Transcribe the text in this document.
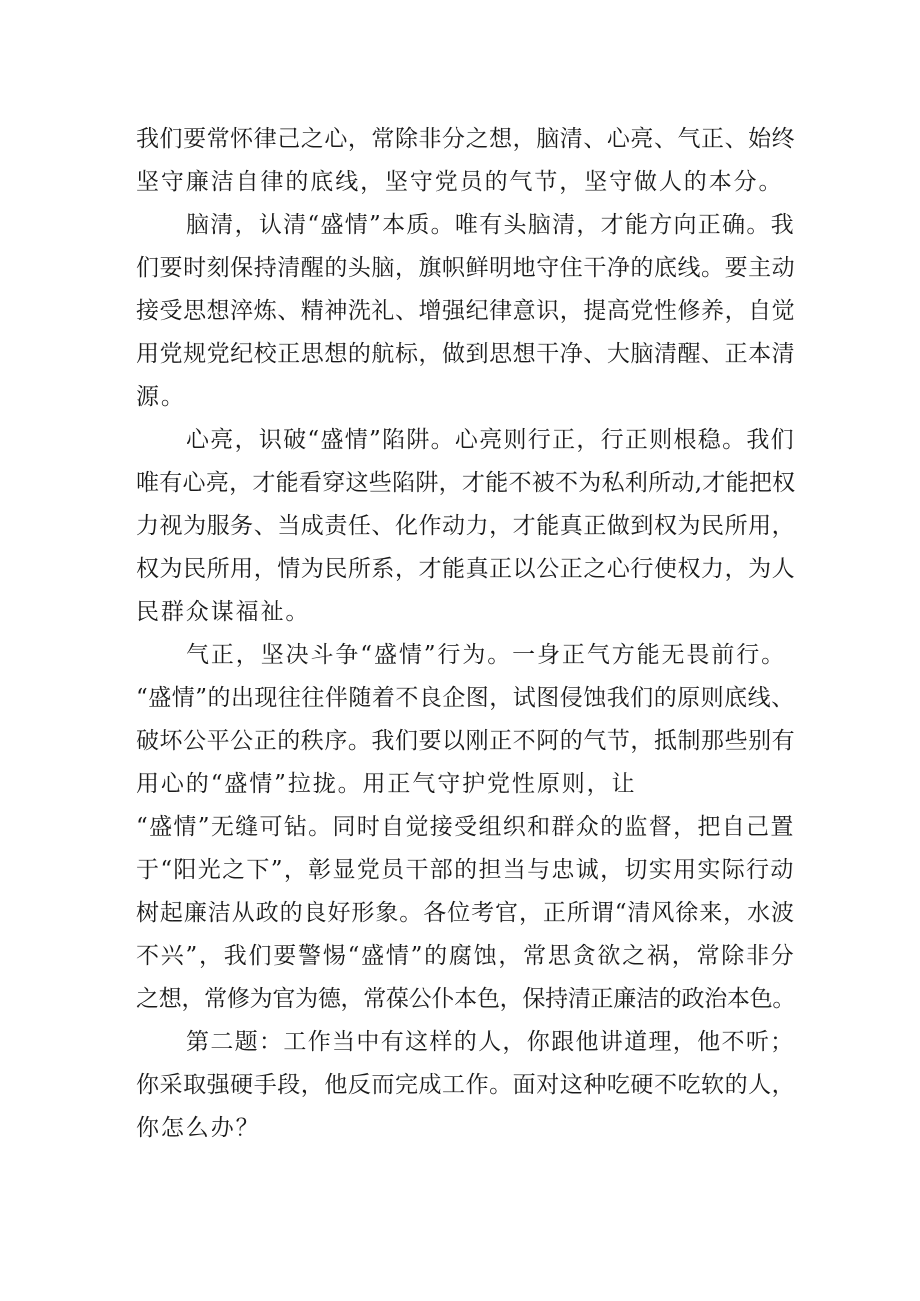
我们要常怀律己之心，常除非分之想，脑清、心亮、气正、始终
坚守廉洁自律的底线，坚守党员的气节，坚守做人的本分。
脑清，认清“盛情”本质。唯有头脑清，才能方向正确。我
们要时刻保持清醒的头脑，旗帜鲜明地守住干净的底线。要主动
接受思想淬炼、精神洗礼、增强纪律意识，提高党性修养，自觉
用党规党纪校正思想的航标，做到思想干净、大脑清醒、正本清
源。
心亮，识破“盛情”陷阱。心亮则行正，行正则根稳。我们
唯有心亮，才能看穿这些陷阱，才能不被不为私利所动,才能把权
力视为服务、当成责任、化作动力，才能真正做到权为民所用，
权为民所用，情为民所系，才能真正以公正之心行使权力，为人
民群众谋福祉。
气正，坚决斗争“盛情”行为。一身正气方能无畏前行。
“盛情”的出现往往伴随着不良企图，试图侵蚀我们的原则底线、
破坏公平公正的秩序。我们要以刚正不阿的气节，抵制那些别有
用心的“盛情”拉拢。用正气守护党性原则，让
“盛情”无缝可钻。同时自觉接受组织和群众的监督，把自己置
于“阳光之下”，彰显党员干部的担当与忠诚，切实用实际行动
树起廉洁从政的良好形象。各位考官，正所谓“清风徐来，水波
不兴”，我们要警惕“盛情”的腐蚀，常思贪欲之祸，常除非分
之想，常修为官为德，常葆公仆本色，保持清正廉洁的政治本色。
第二题：工作当中有这样的人，你跟他讲道理，他不听；
你采取强硬手段，他反而完成工作。面对这种吃硬不吃软的人，
你怎么办？
